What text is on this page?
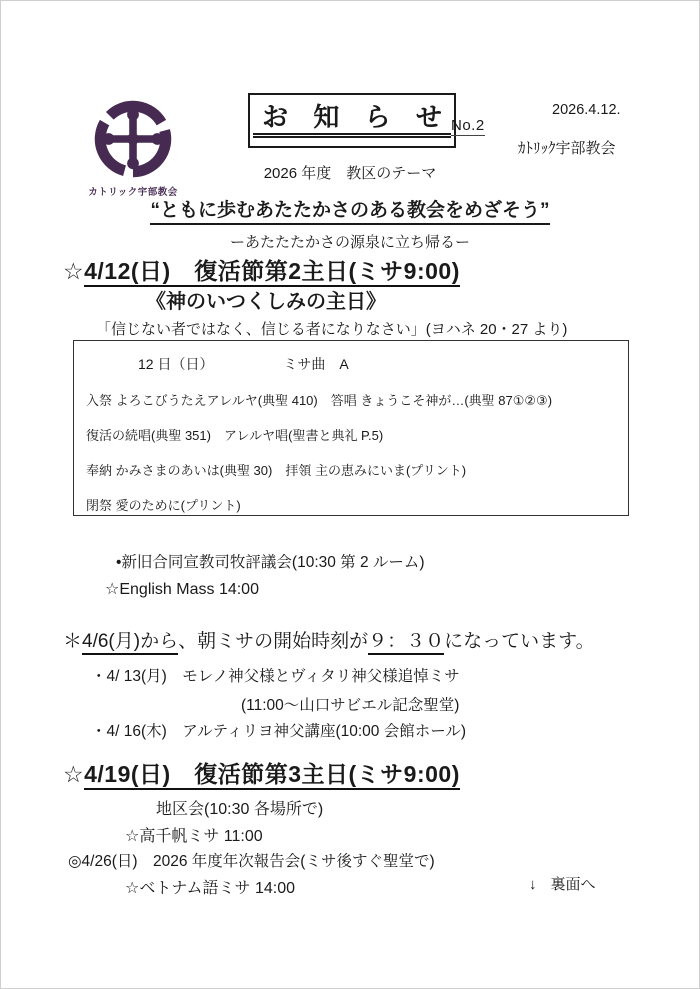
カトリック宇部教会
お 知 ら せ No.2
2026.4.12.
ｶﾄﾘｯｸ宇部教会
2026 年度　教区のテーマ
“ともに歩むあたたかさのある教会をめざそう”
ーあたたたかさの源泉に立ち帰るー
☆4/12(日)　復活節第2主日(ミサ9:00)
《神のいつくしみの主日》
「信じない者ではなく、信じる者になりなさい」(ヨハネ 20・27 より)
12 日（日）	ミサ曲　A
入祭 よろこびうたえアレルヤ(典聖 410)　答唱 きょうこそ神が…(典聖 87①②③)
復活の続唱(典聖 351)　アレルヤ唱(聖書と典礼 P.5)
奉納 かみさまのあいは(典聖 30)　拝領 主の恵みにいま(プリント)
閉祭 愛のために(プリント)
•新旧合同宣教司牧評議会(10:30 第 2 ルーム)
☆English Mass 14:00
＊4/6(月)から、朝ミサの開始時刻が９：３０になっています。
・4/ 13(月)　モレノ神父様とヴィタリ神父様追悼ミサ
(11:00～山口サビエル記念聖堂)
・4/ 16(木)　アルティリヨ神父講座(10:00 会館ホール)
☆4/19(日)　復活節第3主日(ミサ9:00)
地区会(10:30 各場所で)
☆高千帆ミサ 11:00
◎4/26(日)　2026 年度年次報告会(ミサ後すぐ聖堂で)
☆ベトナム語ミサ 14:00	↓ 裏面へ
